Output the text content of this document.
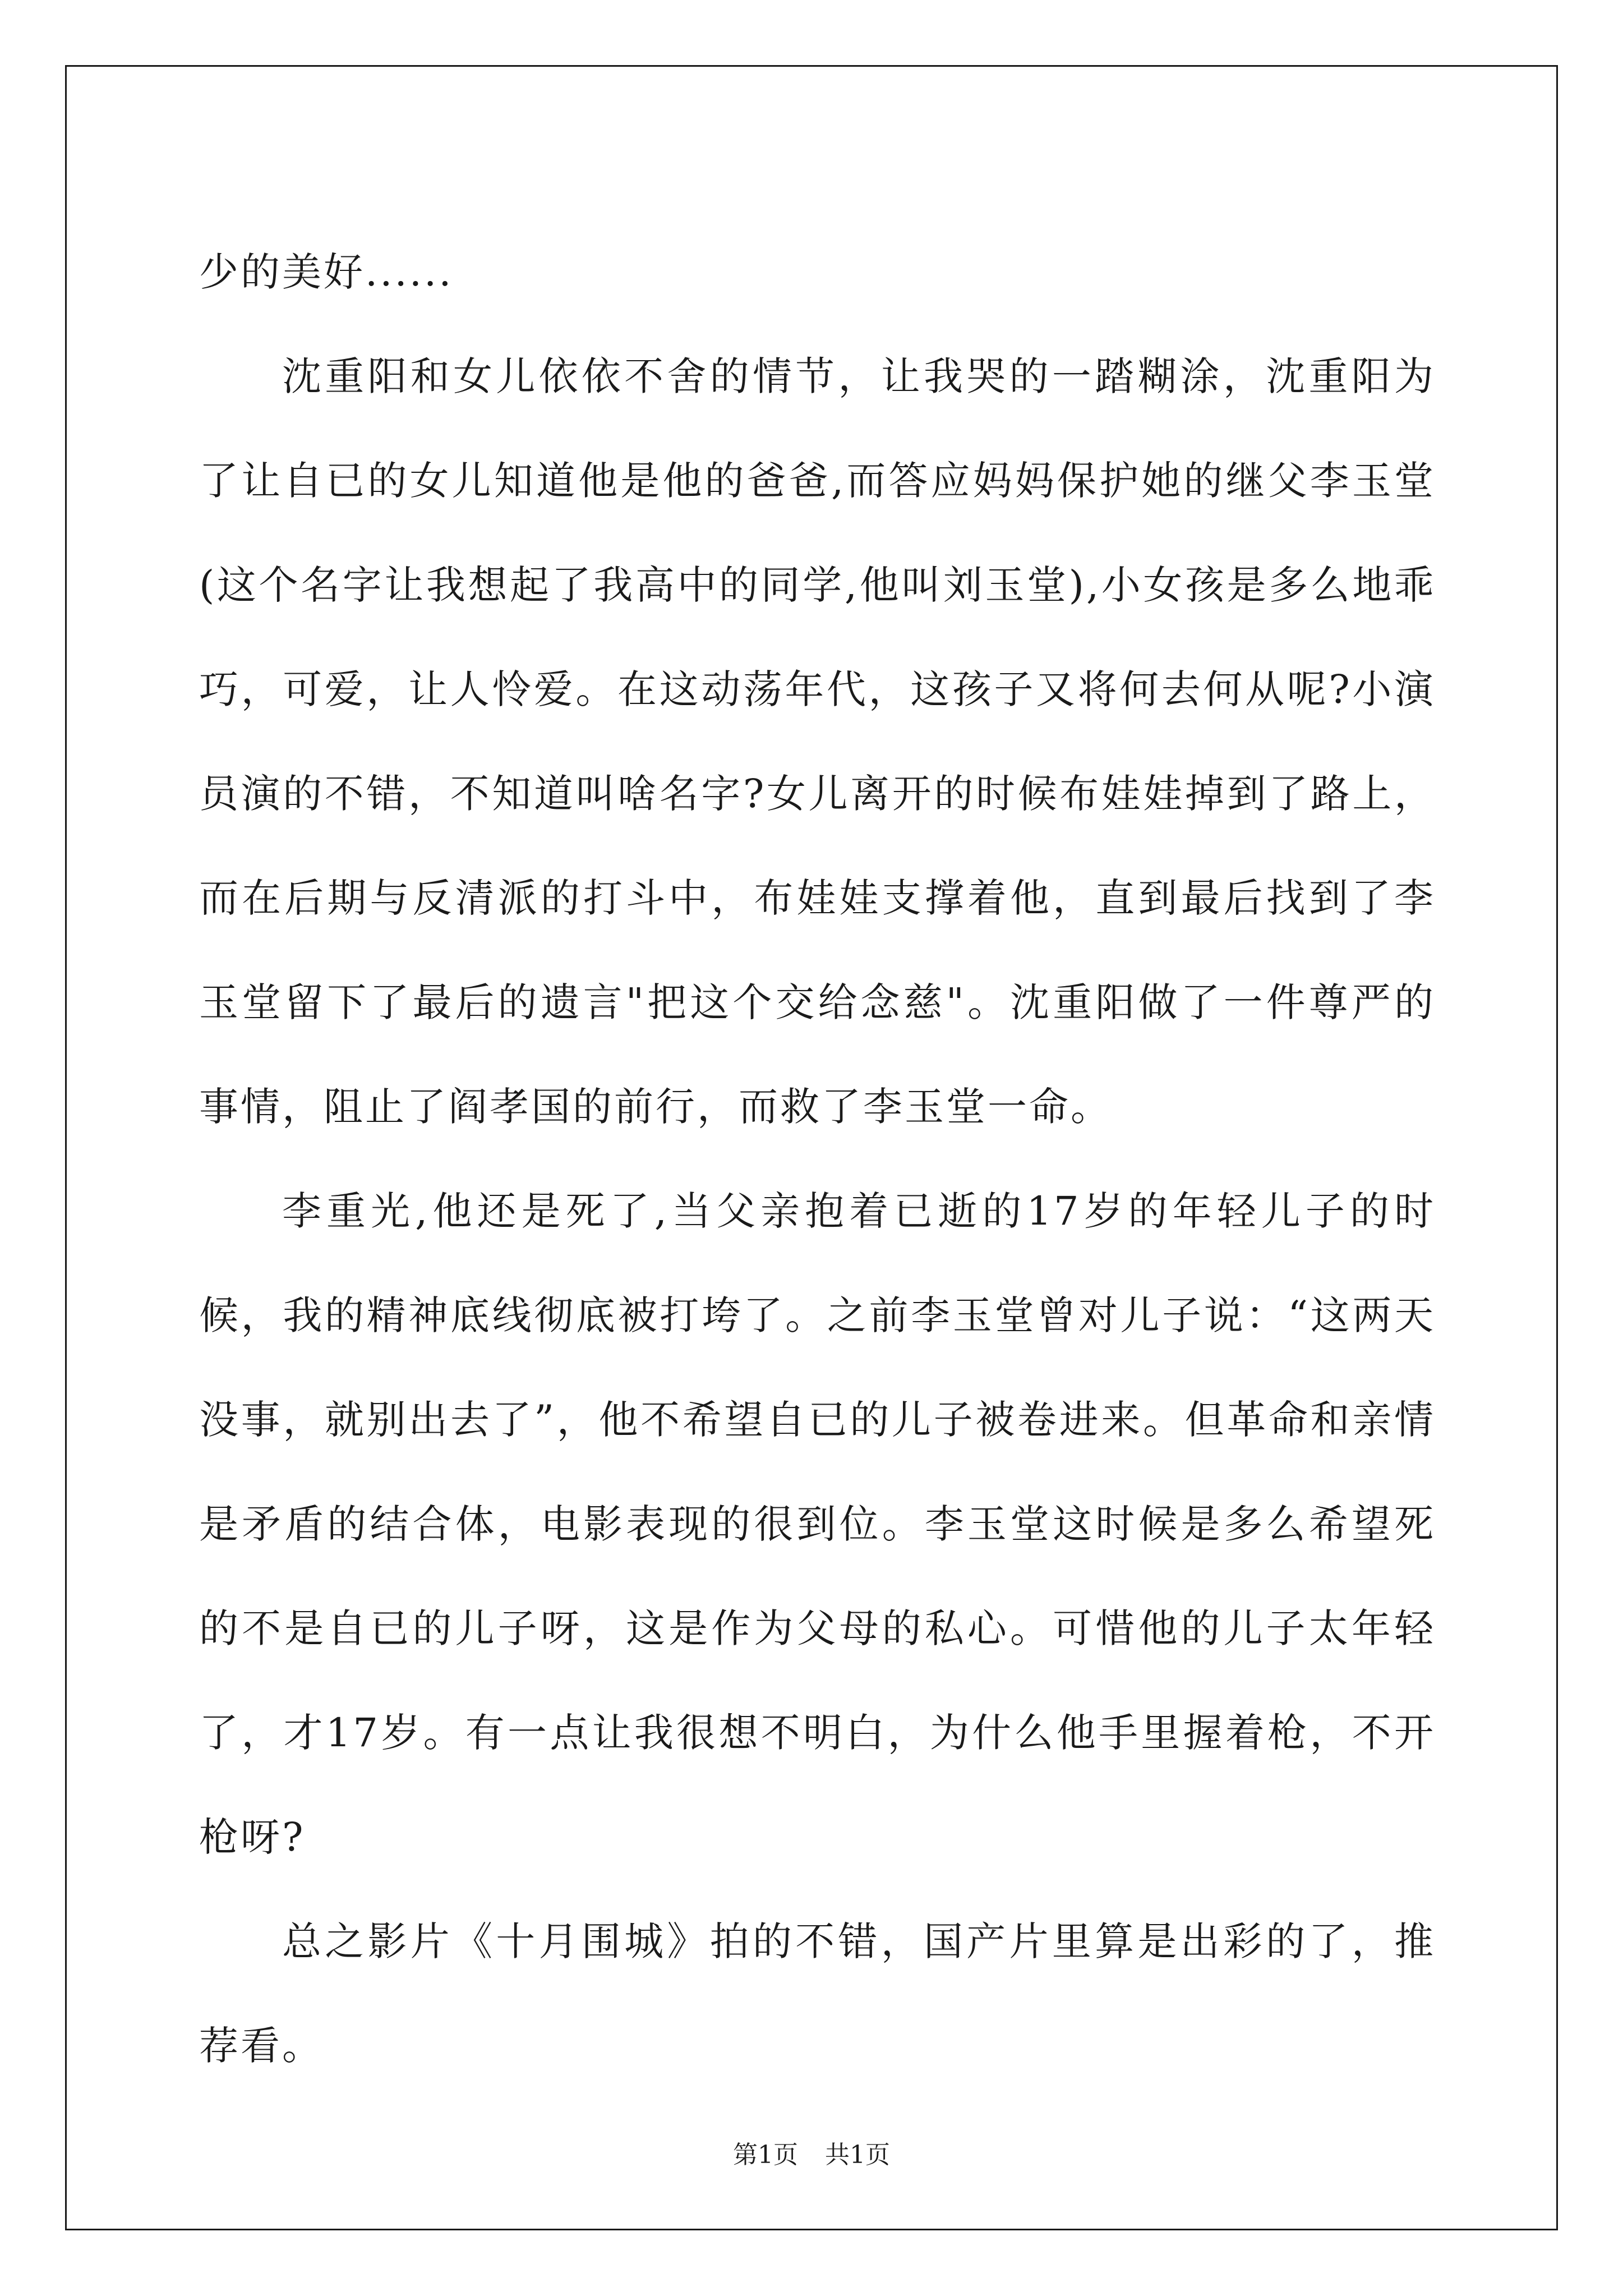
少的美好......

沈重阳和女儿依依不舍的情节，让我哭的一踏糊涂，沈重阳为了让自已的女儿知道他是他的爸爸,而答应妈妈保护她的继父李玉堂(这个名字让我想起了我高中的同学,他叫刘玉堂),小女孩是多么地乖巧，可爱，让人怜爱。在这动荡年代，这孩子又将何去何从呢?小演员演的不错，不知道叫啥名字?女儿离开的时候布娃娃掉到了路上，而在后期与反清派的打斗中，布娃娃支撑着他，直到最后找到了李玉堂留下了最后的遗言"把这个交给念慈"。沈重阳做了一件尊严的事情，阻止了阎孝国的前行，而救了李玉堂一命。

李重光,他还是死了,当父亲抱着已逝的17岁的年轻儿子的时候，我的精神底线彻底被打垮了。之前李玉堂曾对儿子说：“这两天没事，就别出去了”，他不希望自已的儿子被卷进来。但革命和亲情是矛盾的结合体，电影表现的很到位。李玉堂这时候是多么希望死的不是自已的儿子呀，这是作为父母的私心。可惜他的儿子太年轻了，才17岁。有一点让我很想不明白，为什么他手里握着枪，不开枪呀?

总之影片《十月围城》拍的不错，国产片里算是出彩的了，推荐看。

第1页 共1页
